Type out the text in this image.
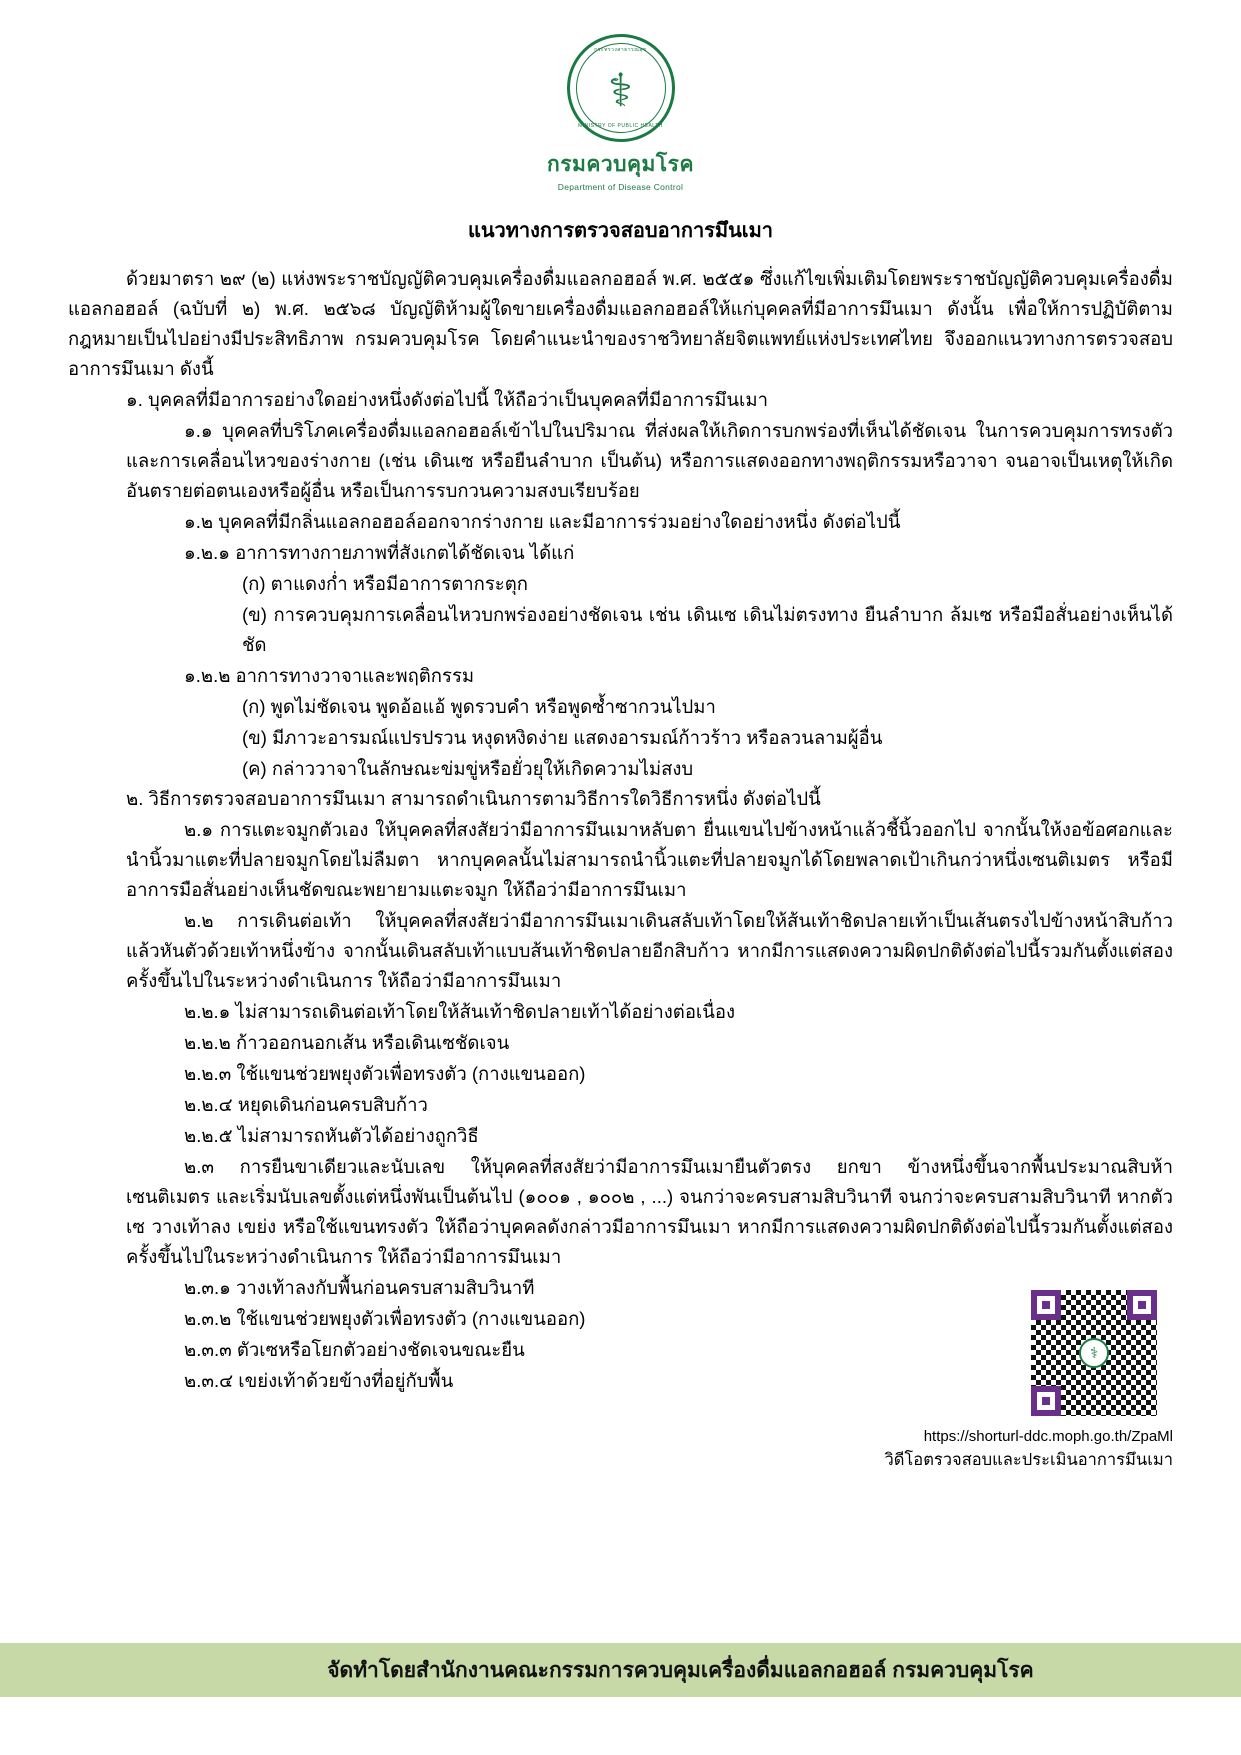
กระทรวงสาธารณสุข
⚕
MINISTRY OF PUBLIC HEALTH
กรมควบคุมโรค
Department of Disease Control
แนวทางการตรวจสอบอาการมึนเมา

ด้วยมาตรา ๒๙ (๒) แห่งพระราชบัญญัติควบคุมเครื่องดื่มแอลกอฮอล์ พ.ศ. ๒๕๕๑ ซึ่งแก้ไขเพิ่มเติมโดยพระราชบัญญัติควบคุมเครื่องดื่มแอลกอฮอล์ (ฉบับที่ ๒) พ.ศ. ๒๕๖๘ บัญญัติห้ามผู้ใดขายเครื่องดื่มแอลกอฮอล์ให้แก่บุคคลที่มีอาการมึนเมา ดังนั้น เพื่อให้การปฏิบัติตามกฎหมายเป็นไปอย่างมีประสิทธิภาพ กรมควบคุมโรค โดยคำแนะนำของราชวิทยาลัยจิตแพทย์แห่งประเทศไทย จึงออกแนวทางการตรวจสอบอาการมึนเมา ดังนี้

๑. บุคคลที่มีอาการอย่างใดอย่างหนึ่งดังต่อไปนี้ ให้ถือว่าเป็นบุคคลที่มีอาการมึนเมา

๑.๑ บุคคลที่บริโภคเครื่องดื่มแอลกอฮอล์เข้าไปในปริมาณ ที่ส่งผลให้เกิดการบกพร่องที่เห็นได้ชัดเจน ในการควบคุมการทรงตัวและการเคลื่อนไหวของร่างกาย (เช่น เดินเซ หรือยืนลำบาก เป็นต้น) หรือการแสดงออกทางพฤติกรรมหรือวาจา จนอาจเป็นเหตุให้เกิดอันตรายต่อตนเองหรือผู้อื่น หรือเป็นการรบกวนความสงบเรียบร้อย

๑.๒ บุคคลที่มีกลิ่นแอลกอฮอล์ออกจากร่างกาย และมีอาการร่วมอย่างใดอย่างหนึ่ง ดังต่อไปนี้

๑.๒.๑ อาการทางกายภาพที่สังเกตได้ชัดเจน ได้แก่

(ก) ตาแดงก่ำ หรือมีอาการตากระตุก

(ข) การควบคุมการเคลื่อนไหวบกพร่องอย่างชัดเจน เช่น เดินเซ เดินไม่ตรงทาง ยืนลำบาก ล้มเซ หรือมือสั่นอย่างเห็นได้ชัด

๑.๒.๒ อาการทางวาจาและพฤติกรรม

(ก) พูดไม่ชัดเจน พูดอ้อแอ้ พูดรวบคำ หรือพูดซ้ำซากวนไปมา

(ข) มีภาวะอารมณ์แปรปรวน หงุดหงิดง่าย แสดงอารมณ์ก้าวร้าว หรือลวนลามผู้อื่น

(ค) กล่าววาจาในลักษณะข่มขู่หรือยั่วยุให้เกิดความไม่สงบ

๒. วิธีการตรวจสอบอาการมึนเมา สามารถดำเนินการตามวิธีการใดวิธีการหนึ่ง ดังต่อไปนี้

๒.๑ การแตะจมูกตัวเอง ให้บุคคลที่สงสัยว่ามีอาการมึนเมาหลับตา ยื่นแขนไปข้างหน้าแล้วชี้นิ้วออกไป จากนั้นให้งอข้อศอกและนำนิ้วมาแตะที่ปลายจมูกโดยไม่ลืมตา หากบุคคลนั้นไม่สามารถนำนิ้วแตะที่ปลายจมูกได้โดยพลาดเป้าเกินกว่าหนึ่งเซนติเมตร หรือมีอาการมือสั่นอย่างเห็นชัดขณะพยายามแตะจมูก ให้ถือว่ามีอาการมึนเมา

๒.๒ การเดินต่อเท้า ให้บุคคลที่สงสัยว่ามีอาการมึนเมาเดินสลับเท้าโดยให้ส้นเท้าชิดปลายเท้าเป็นเส้นตรงไปข้างหน้าสิบก้าว แล้วหันตัวด้วยเท้าหนึ่งข้าง จากนั้นเดินสลับเท้าแบบส้นเท้าชิดปลายอีกสิบก้าว หากมีการแสดงความผิดปกติดังต่อไปนี้รวมกันตั้งแต่สองครั้งขึ้นไปในระหว่างดำเนินการ ให้ถือว่ามีอาการมึนเมา

๒.๒.๑ ไม่สามารถเดินต่อเท้าโดยให้ส้นเท้าชิดปลายเท้าได้อย่างต่อเนื่อง

๒.๒.๒ ก้าวออกนอกเส้น หรือเดินเซชัดเจน

๒.๒.๓ ใช้แขนช่วยพยุงตัวเพื่อทรงตัว (กางแขนออก)

๒.๒.๔ หยุดเดินก่อนครบสิบก้าว

๒.๒.๕ ไม่สามารถหันตัวได้อย่างถูกวิธี

๒.๓ การยืนขาเดียวและนับเลข ให้บุคคลที่สงสัยว่ามีอาการมึนเมายืนตัวตรง ยกขา ข้างหนึ่งขึ้นจากพื้นประมาณสิบห้าเซนติเมตร และเริ่มนับเลขตั้งแต่หนึ่งพันเป็นต้นไป (๑๐๐๑ , ๑๐๐๒ , ...) จนกว่าจะครบสามสิบวินาที จนกว่าจะครบสามสิบวินาที หากตัวเซ วางเท้าลง เขย่ง หรือใช้แขนทรงตัว ให้ถือว่าบุคคลดังกล่าวมีอาการมึนเมา หากมีการแสดงความผิดปกติดังต่อไปนี้รวมกันตั้งแต่สองครั้งขึ้นไปในระหว่างดำเนินการ ให้ถือว่ามีอาการมึนเมา

๒.๓.๑ วางเท้าลงกับพื้นก่อนครบสามสิบวินาที

๒.๓.๒ ใช้แขนช่วยพยุงตัวเพื่อทรงตัว (กางแขนออก)

๒.๓.๓ ตัวเซหรือโยกตัวอย่างชัดเจนขณะยืน

๒.๓.๔ เขย่งเท้าด้วยข้างที่อยู่กับพื้น

⚕
https://shorturl-ddc.moph.go.th/ZpaMl
วิดีโอตรวจสอบและประเมินอาการมึนเมา
จัดทำโดยสำนักงานคณะกรรมการควบคุมเครื่องดื่มแอลกอฮอล์ กรมควบคุมโรค
